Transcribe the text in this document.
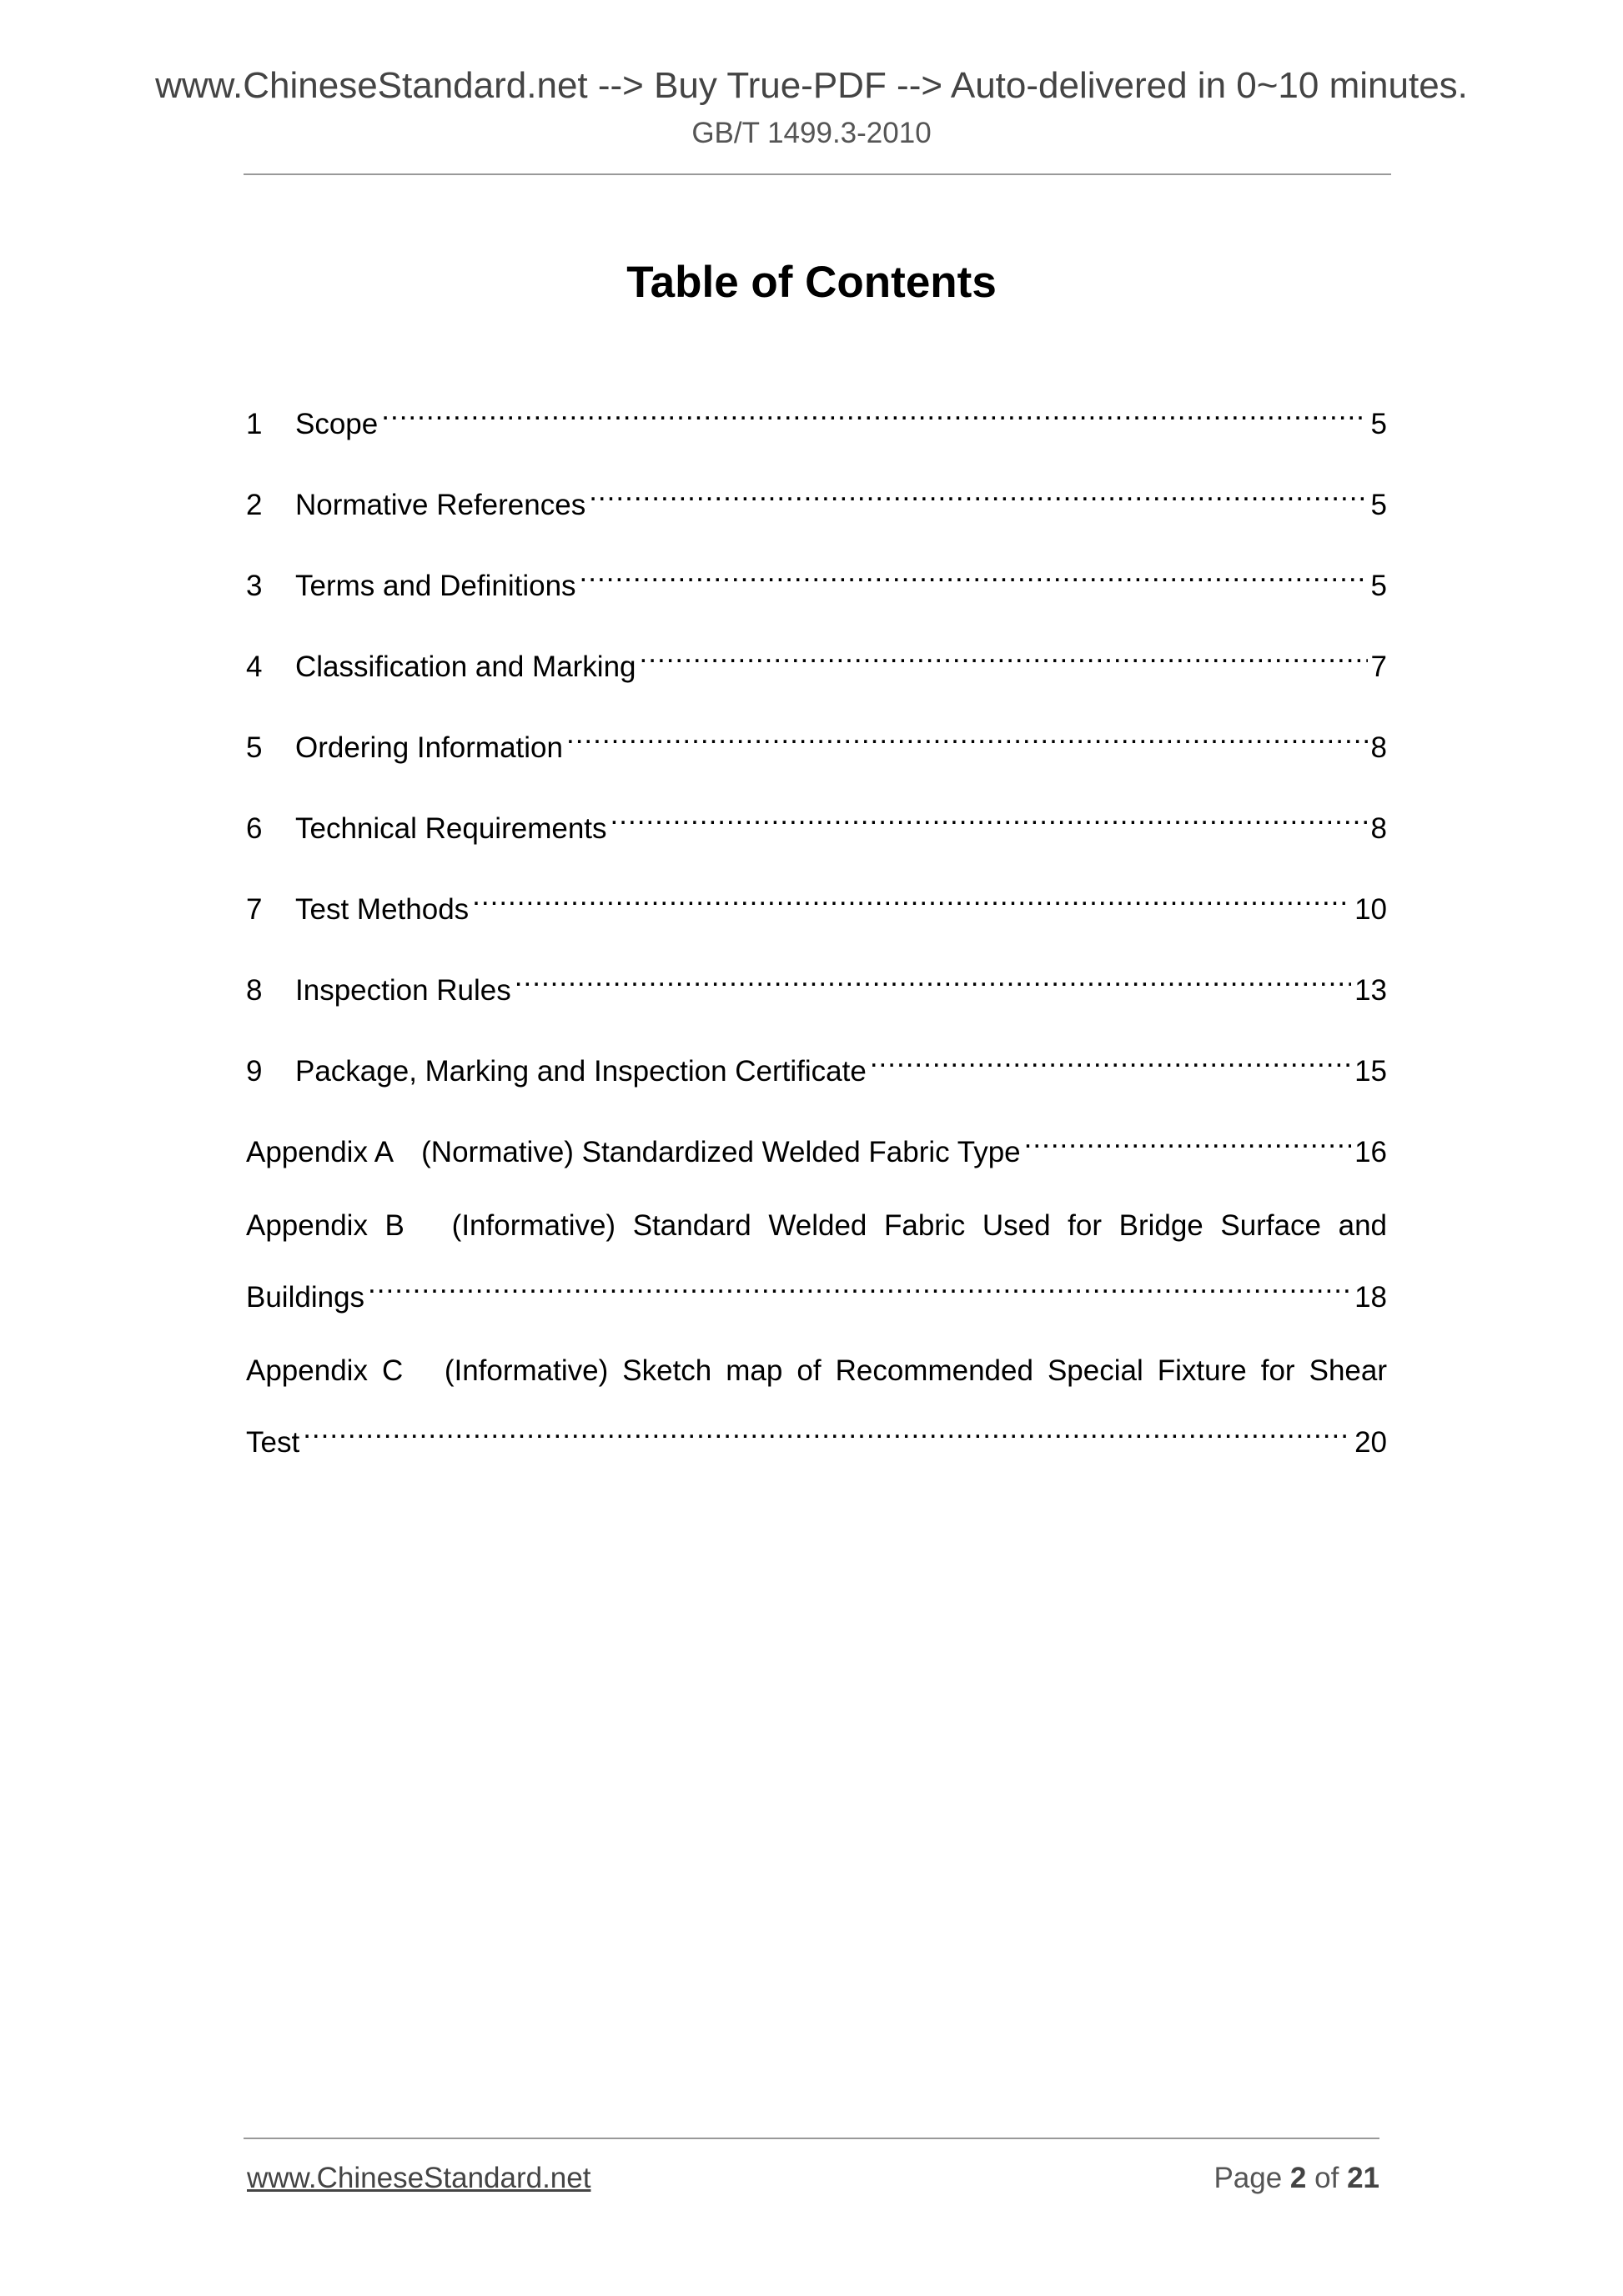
www.ChineseStandard.net --> Buy True-PDF --> Auto-delivered in 0~10 minutes.
GB/T 1499.3-2010
Table of Contents
1	Scope .....	5
2	Normative References .....	5
3	Terms and Definitions .....	5
4	Classification and Marking .....	7
5	Ordering Information .....	8
6	Technical Requirements .....	8
7	Test Methods .....	10
8	Inspection Rules .....	13
9	Package, Marking and Inspection Certificate .....	15
Appendix A　(Normative) Standardized Welded Fabric Type .....	16
Appendix B　(Informative) Standard Welded Fabric Used for Bridge Surface and
Buildings .....	18
Appendix C　(Informative) Sketch map of Recommended Special Fixture for Shear
Test .....	20
www.ChineseStandard.net	Page 2 of 21
